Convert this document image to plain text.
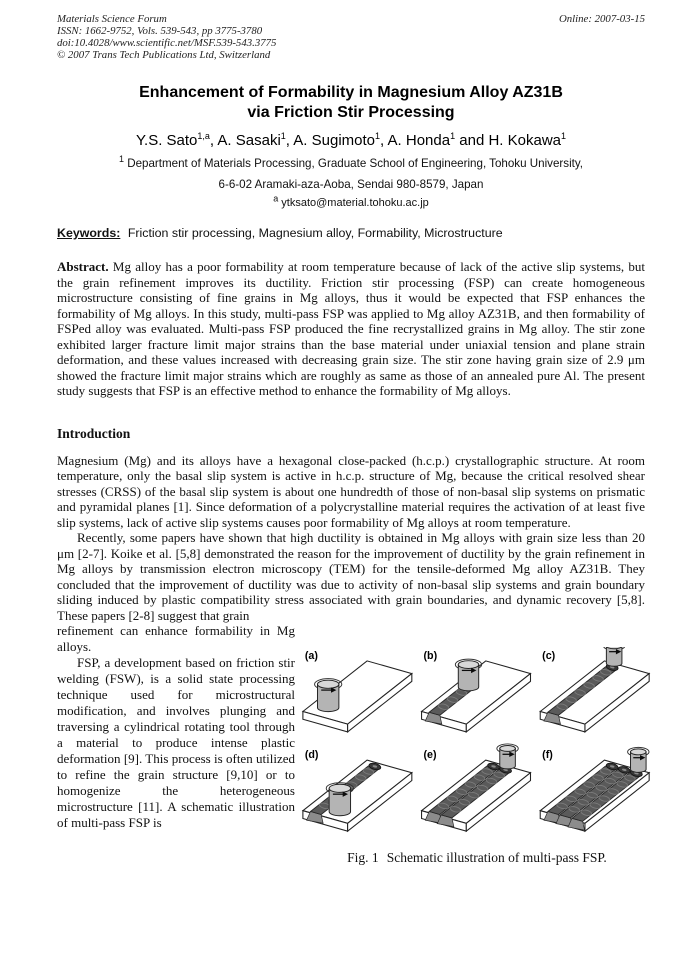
Online: 2007-03-15
Materials Science Forum
ISSN: 1662-9752, Vols. 539-543, pp 3775-3780
doi:10.4028/www.scientific.net/MSF.539-543.3775
© 2007 Trans Tech Publications Ltd, Switzerland
Enhancement of Formability in Magnesium Alloy AZ31B
via Friction Stir Processing
Y.S. Sato$^{1,a}$, A. Sasaki$^1$, A. Sugimoto$^1$, A. Honda$^1$ and H. Kokawa$^1$
$^1$ Department of Materials Processing, Graduate School of Engineering, Tohoku University,
6-6-02 Aramaki-aza-Aoba, Sendai 980-8579, Japan
$^a$ ytksato@material.tohoku.ac.jp
Keywords: Friction stir processing, Magnesium alloy, Formability, Microstructure

Abstract. Mg alloy has a poor formability at room temperature because of lack of the active slip systems, but the grain refinement improves its ductility. Friction stir processing (FSP) can create homogeneous microstructure consisting of fine grains in Mg alloys, thus it would be expected that FSP enhances the formability of Mg alloys. In this study, multi-pass FSP was applied to Mg alloy AZ31B, and then formability of FSPed alloy was evaluated. Multi-pass FSP produced the fine recrystallized grains in Mg alloy. The stir zone exhibited larger fracture limit major strains than the base material under uniaxial tension and plane strain deformation, and these values increased with decreasing grain size. The stir zone having grain size of 2.9 μm showed the fracture limit major strains which are roughly as same as those of an annealed pure Al. The present study suggests that FSP is an effective method to enhance the formability of Mg alloys.

Introduction

Magnesium (Mg) and its alloys have a hexagonal close-packed (h.c.p.) crystallographic structure. At room temperature, only the basal slip system is active in h.c.p. structure of Mg, because the critical resolved shear stresses (CRSS) of the basal slip system is about one hundredth of those of non-basal slip systems on prismatic and pyramidal planes [1]. Since deformation of a polycrystalline material requires the activation of at least five slip systems, lack of active slip systems causes poor formability of Mg alloys at room temperature.

Recently, some papers have shown that high ductility is obtained in Mg alloys with grain size less than 20 μm [2-7]. Koike et al. [5,8] demonstrated the reason for the improvement of ductility by the grain refinement in Mg alloys by transmission electron microscopy (TEM) for the tensile-deformed Mg alloy AZ31B. They concluded that the improvement of ductility was due to activity of non-basal slip systems and grain boundary sliding induced by plastic compatibility stress associated with grain boundaries, and dynamic recovery [5,8]. These papers [2-8] suggest that grain

refinement can enhance formability in Mg alloys.

FSP, a development based on friction stir welding (FSW), is a solid state processing technique used for microstructural modification, and involves plunging and traversing a cylindrical rotating tool through a material to produce intense plastic deformation [9]. This process is often utilized to refine the grain structure [9,10] or to homogenize the heterogeneous microstructure [11]. A schematic illustration of multi-pass FSP is

(a)	(b)	(c)
(d)	(e)	(f)
Fig. 1 Schematic illustration of multi-pass FSP.
